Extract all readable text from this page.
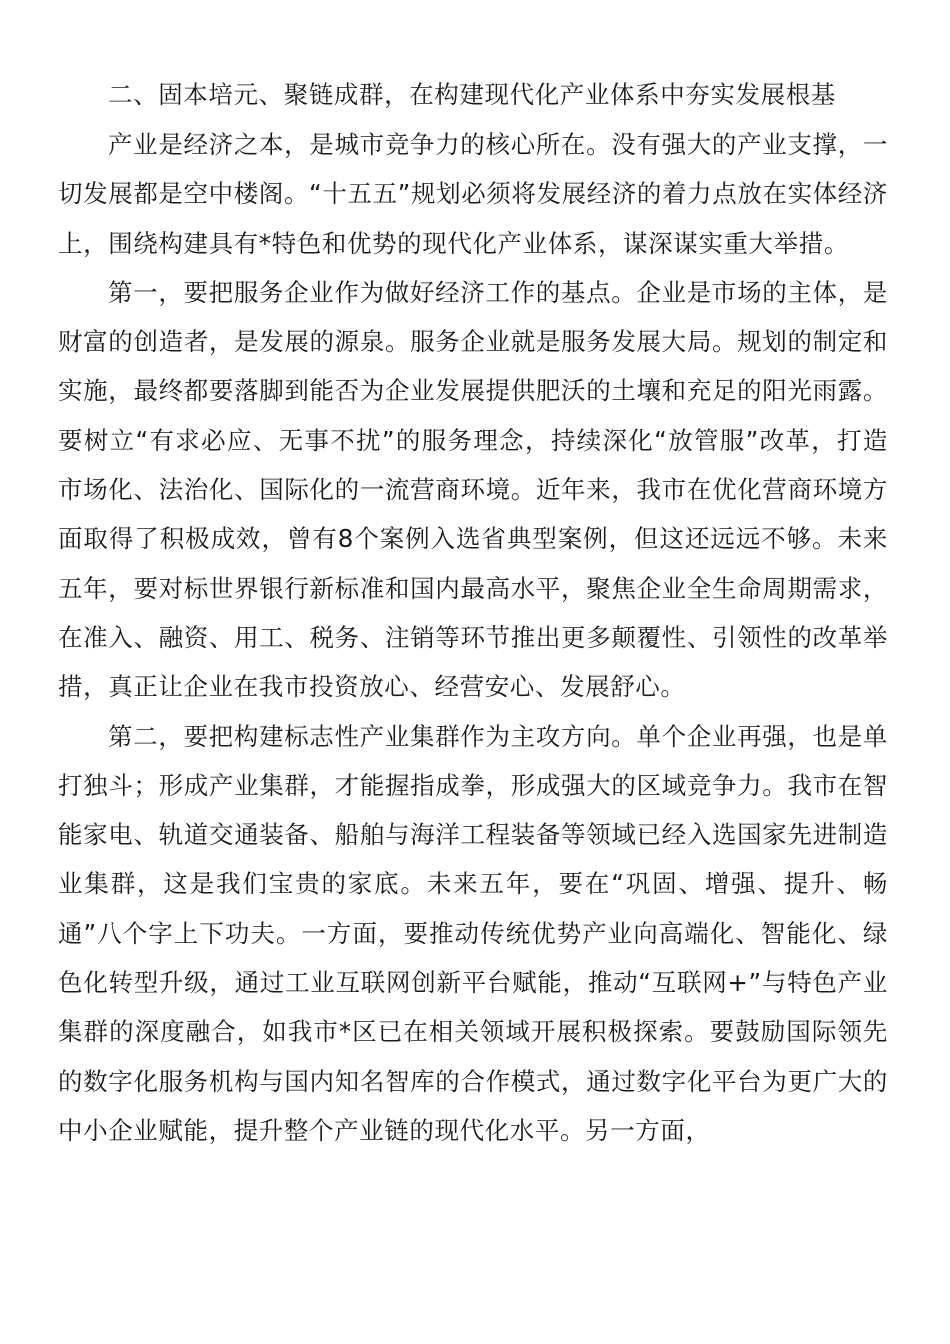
二、固本培元、聚链成群，在构建现代化产业体系中夯实发展根基

产业是经济之本，是城市竞争力的核心所在。没有强大的产业支撑，一切发展都是空中楼阁。“十五五”规划必须将发展经济的着力点放在实体经济上，围绕构建具有*特色和优势的现代化产业体系，谋深谋实重大举措。

第一，要把服务企业作为做好经济工作的基点。企业是市场的主体，是财富的创造者，是发展的源泉。服务企业就是服务发展大局。规划的制定和实施，最终都要落脚到能否为企业发展提供肥沃的土壤和充足的阳光雨露。要树立“有求必应、无事不扰”的服务理念，持续深化“放管服”改革，打造市场化、法治化、国际化的一流营商环境。近年来，我市在优化营商环境方面取得了积极成效，曾有8个案例入选省典型案例，但这还远远不够。未来五年，要对标世界银行新标准和国内最高水平，聚焦企业全生命周期需求，在准入、融资、用工、税务、注销等环节推出更多颠覆性、引领性的改革举措，真正让企业在我市投资放心、经营安心、发展舒心。

第二，要把构建标志性产业集群作为主攻方向。单个企业再强，也是单打独斗；形成产业集群，才能握指成拳，形成强大的区域竞争力。我市在智能家电、轨道交通装备、船舶与海洋工程装备等领域已经入选国家先进制造业集群，这是我们宝贵的家底。未来五年，要在“巩固、增强、提升、畅通”八个字上下功夫。一方面，要推动传统优势产业向高端化、智能化、绿色化转型升级，通过工业互联网创新平台赋能，推动“互联网+”与特色产业集群的深度融合，如我市*区已在相关领域开展积极探索。要鼓励国际领先的数字化服务机构与国内知名智库的合作模式，通过数字化平台为更广大的中小企业赋能，提升整个产业链的现代化水平。另一方面，
